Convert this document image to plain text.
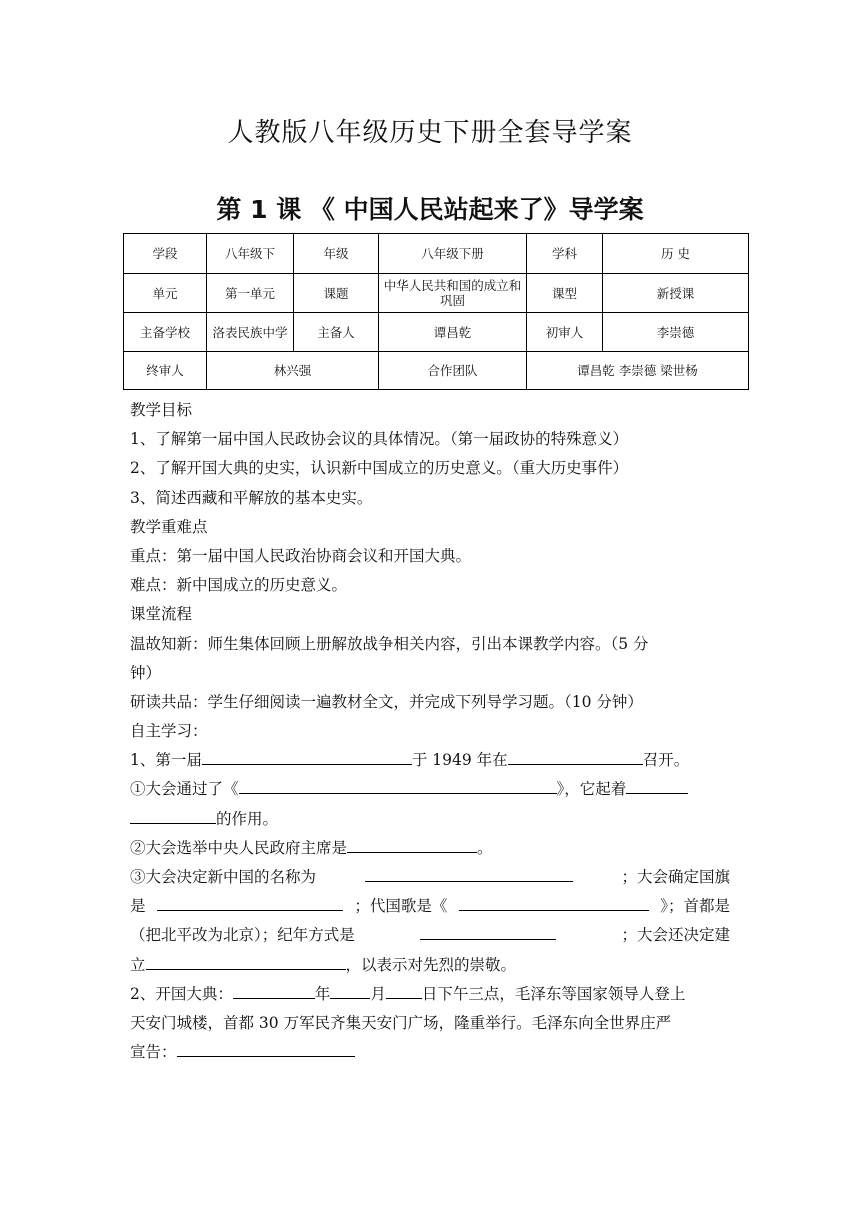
人教版八年级历史下册全套导学案
第 1 课 《 中国人民站起来了》导学案
学段	八年级下	年级	八年级下册	学科	历 史
单元	第一单元	课题	中华人民共和国的成立和巩固	课型	新授课
主备学校	洛表民族中学	主备人	谭昌乾	初审人	李崇德
终审人	林兴强		合作团队	谭昌乾 李崇德 梁世杨	
教学目标
1、了解第一届中国人民政协会议的具体情况。（第一届政协的特殊意义）
2、了解开国大典的史实，认识新中国成立的历史意义。（重大历史事件）
3、简述西藏和平解放的基本史实。
教学重难点
重点：第一届中国人民政治协商会议和开国大典。
难点：新中国成立的历史意义。
课堂流程
温故知新：师生集体回顾上册解放战争相关内容，引出本课教学内容。（5 分
钟）
研读共品：学生仔细阅读一遍教材全文，并完成下列导学习题。（10 分钟）
自主学习：
1、第一届	于 1949 年在	召开。
①大会通过了《	》，它起着
的作用。
②大会选举中央人民政府主席是	。
③大会决定新中国的名称为	；大会确定国旗
是	；代国歌是《	》；首都是
（把北平改为北京）；纪年方式是	；大会还决定建
立	，以表示对先烈的崇敬。
2、开国大典：	年	月 日下午三点，毛泽东等国家领导人登上
天安门城楼，首都 30 万军民齐集天安门广场，隆重举行。毛泽东向全世界庄严
宣告：
